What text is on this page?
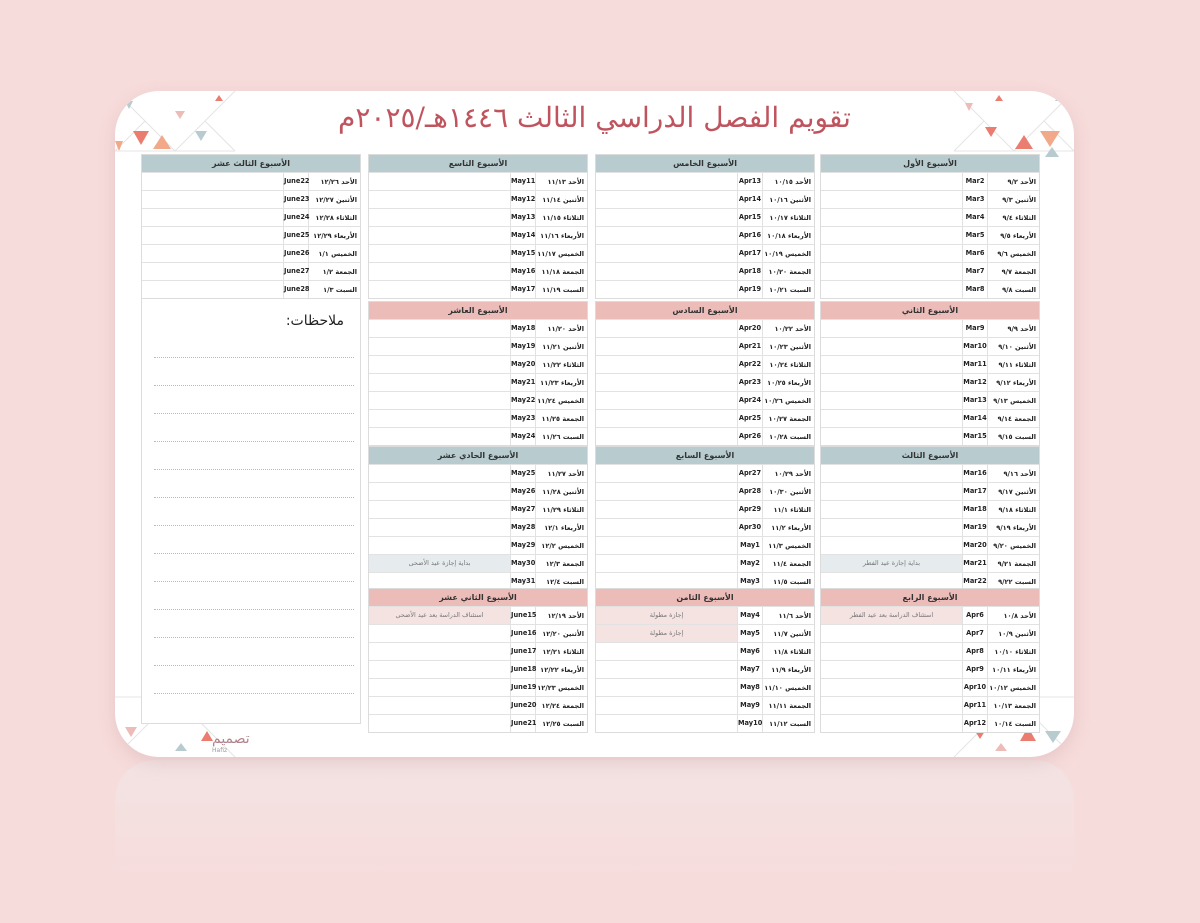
تقويم الفصل الدراسي الثالث ١٤٤٦هـ/٢٠٢٥م
تصميم
Hafiz
ملاحظات:
الأسبوع الأول
الأحد ٩/٢
Mar2
الأثنين ٩/٣
Mar3
الثلاثاء ٩/٤
Mar4
الأربعاء ٩/٥
Mar5
الخميس ٩/٦
Mar6
الجمعة ٩/٧
Mar7
السبت ٩/٨
Mar8
الأسبوع الثاني
الأحد ٩/٩
Mar9
الأثنين ٩/١٠
Mar10
الثلاثاء ٩/١١
Mar11
الأربعاء ٩/١٢
Mar12
الخميس ٩/١٣
Mar13
الجمعة ٩/١٤
Mar14
السبت ٩/١٥
Mar15
الأسبوع الثالث
الأحد ٩/١٦
Mar16
الأثنين ٩/١٧
Mar17
الثلاثاء ٩/١٨
Mar18
الأربعاء ٩/١٩
Mar19
الخميس ٩/٢٠
Mar20
الجمعة ٩/٢١
Mar21
بداية إجازة عيد الفطر
السبت ٩/٢٢
Mar22
الأسبوع الرابع
الأحد ١٠/٨
Apr6
استئناف الدراسة بعد عيد الفطر
الأثنين ١٠/٩
Apr7
الثلاثاء ١٠/١٠
Apr8
الأربعاء ١٠/١١
Apr9
الخميس ١٠/١٢
Apr10
الجمعة ١٠/١٣
Apr11
السبت ١٠/١٤
Apr12
الأسبوع الخامس
الأحد ١٠/١٥
Apr13
الأثنين ١٠/١٦
Apr14
الثلاثاء ١٠/١٧
Apr15
الأربعاء ١٠/١٨
Apr16
الخميس ١٠/١٩
Apr17
الجمعة ١٠/٢٠
Apr18
السبت ١٠/٢١
Apr19
الأسبوع السادس
الأحد ١٠/٢٢
Apr20
الأثنين ١٠/٢٣
Apr21
الثلاثاء ١٠/٢٤
Apr22
الأربعاء ١٠/٢٥
Apr23
الخميس ١٠/٢٦
Apr24
الجمعة ١٠/٢٧
Apr25
السبت ١٠/٢٨
Apr26
الأسبوع السابع
الأحد ١٠/٢٩
Apr27
الأثنين ١٠/٣٠
Apr28
الثلاثاء ١١/١
Apr29
الأربعاء ١١/٢
Apr30
الخميس ١١/٣
May1
الجمعة ١١/٤
May2
السبت ١١/٥
May3
الأسبوع الثامن
الأحد ١١/٦
May4
إجازة مطولة
الأثنين ١١/٧
May5
إجازة مطولة
الثلاثاء ١١/٨
May6
الأربعاء ١١/٩
May7
الخميس ١١/١٠
May8
الجمعة ١١/١١
May9
السبت ١١/١٢
May10
الأسبوع التاسع
الأحد ١١/١٣
May11
الأثنين ١١/١٤
May12
الثلاثاء ١١/١٥
May13
الأربعاء ١١/١٦
May14
الخميس ١١/١٧
May15
الجمعة ١١/١٨
May16
السبت ١١/١٩
May17
الأسبوع العاشر
الأحد ١١/٢٠
May18
الأثنين ١١/٢١
May19
الثلاثاء ١١/٢٢
May20
الأربعاء ١١/٢٣
May21
الخميس ١١/٢٤
May22
الجمعة ١١/٢٥
May23
السبت ١١/٢٦
May24
الأسبوع الحادي عشر
الأحد ١١/٢٧
May25
الأثنين ١١/٢٨
May26
الثلاثاء ١١/٢٩
May27
الأربعاء ١٢/١
May28
الخميس ١٢/٢
May29
الجمعة ١٢/٣
May30
بداية إجازة عيد الأضحى
السبت ١٢/٤
May31
الأسبوع الثاني عشر
الأحد ١٢/١٩
June15
استئناف الدراسة بعد عيد الأضحى
الأثنين ١٢/٢٠
June16
الثلاثاء ١٢/٢١
June17
الأربعاء ١٢/٢٢
June18
الخميس ١٢/٢٣
June19
الجمعة ١٢/٢٤
June20
السبت ١٢/٢٥
June21
الأسبوع الثالث عشر
الأحد ١٢/٢٦
June22
الأثنين ١٢/٢٧
June23
الثلاثاء ١٢/٢٨
June24
الأربعاء ١٢/٢٩
June25
الخميس ١/١
June26
الجمعة ١/٢
June27
السبت ١/٣
June28
